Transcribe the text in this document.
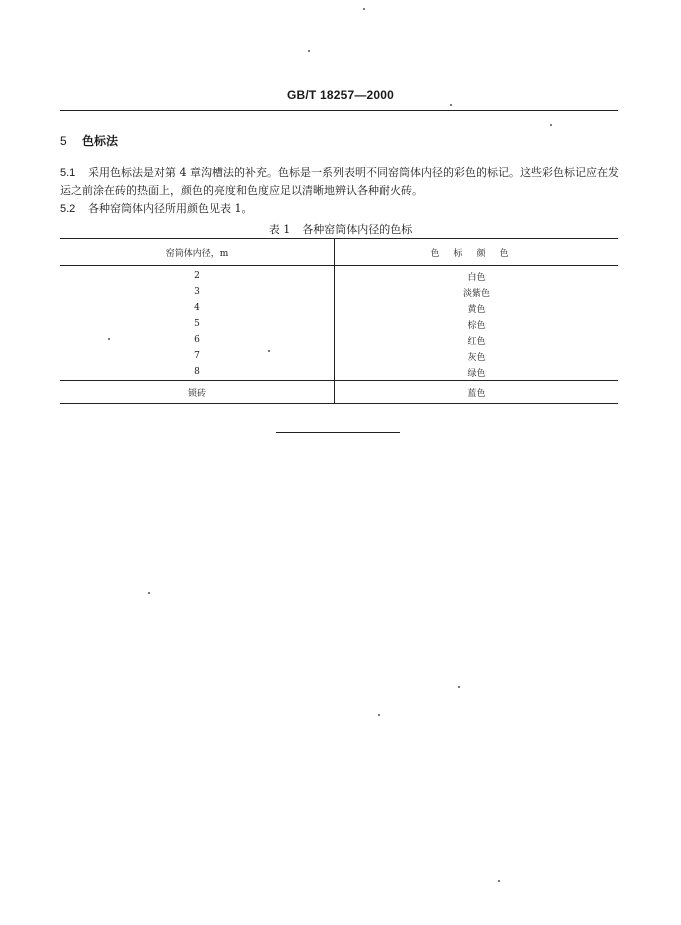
GB/T 18257—2000
5 色标法
5.1 采用色标法是对第 4 章沟槽法的补充。色标是一系列表明不同窑筒体内径的彩色的标记。这些彩色标记应在发运之前涂在砖的热面上，颜色的亮度和色度应足以清晰地辨认各种耐火砖。
5.2 各种窑筒体内径所用颜色见表 1。
表 1 各种窑筒体内径的色标
窑筒体内径，m	色标颜色
2	白色
3	淡紫色
4	黄色
5	棕色
6	红色
7	灰色
8	绿色
锁砖	蓝色
